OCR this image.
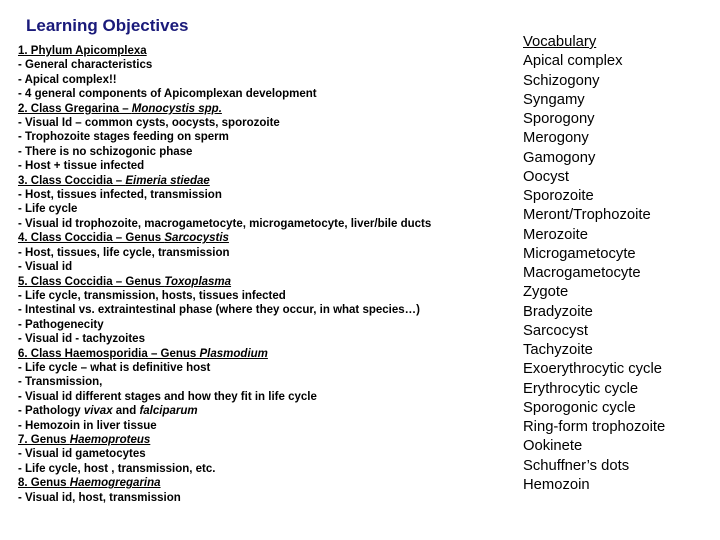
Learning Objectives
1. Phylum Apicomplexa
- General characteristics
- Apical complex!!
- 4 general components of Apicomplexan development
2. Class Gregarina – Monocystis spp.
- Visual Id – common cysts, oocysts, sporozoite
- Trophozoite stages feeding on sperm
- There is no schizogonic phase
- Host + tissue infected
3. Class Coccidia – Eimeria stiedae
- Host, tissues infected, transmission
- Life cycle
- Visual id trophozoite, macrogametocyte, microgametocyte, liver/bile ducts
4. Class Coccidia – Genus Sarcocystis
- Host, tissues, life cycle, transmission
- Visual id
5. Class Coccidia – Genus Toxoplasma
- Life cycle, transmission, hosts, tissues infected
- Intestinal vs. extraintestinal phase (where they occur, in what species…)
- Pathogenecity
- Visual id - tachyzoites
6. Class Haemosporidia – Genus Plasmodium
- Life cycle – what is definitive host
- Transmission,
- Visual id different stages and how they fit in life cycle
- Pathology vivax and falciparum
- Hemozoin in liver tissue
7. Genus Haemoproteus
- Visual id gametocytes
- Life cycle, host , transmission, etc.
8. Genus Haemogregarina
- Visual id, host, transmission
Vocabulary
Apical complex
Schizogony
Syngamy
Sporogony
Merogony
Gamogony
Oocyst
Sporozoite
Meront/Trophozoite
Merozoite
Microgametocyte
Macrogametocyte
Zygote
Bradyzoite
Sarcocyst
Tachyzoite
Exoerythrocytic cycle
Erythrocytic cycle
Sporogonic cycle
Ring-form trophozoite
Ookinete
Schuffner’s dots
Hemozoin
